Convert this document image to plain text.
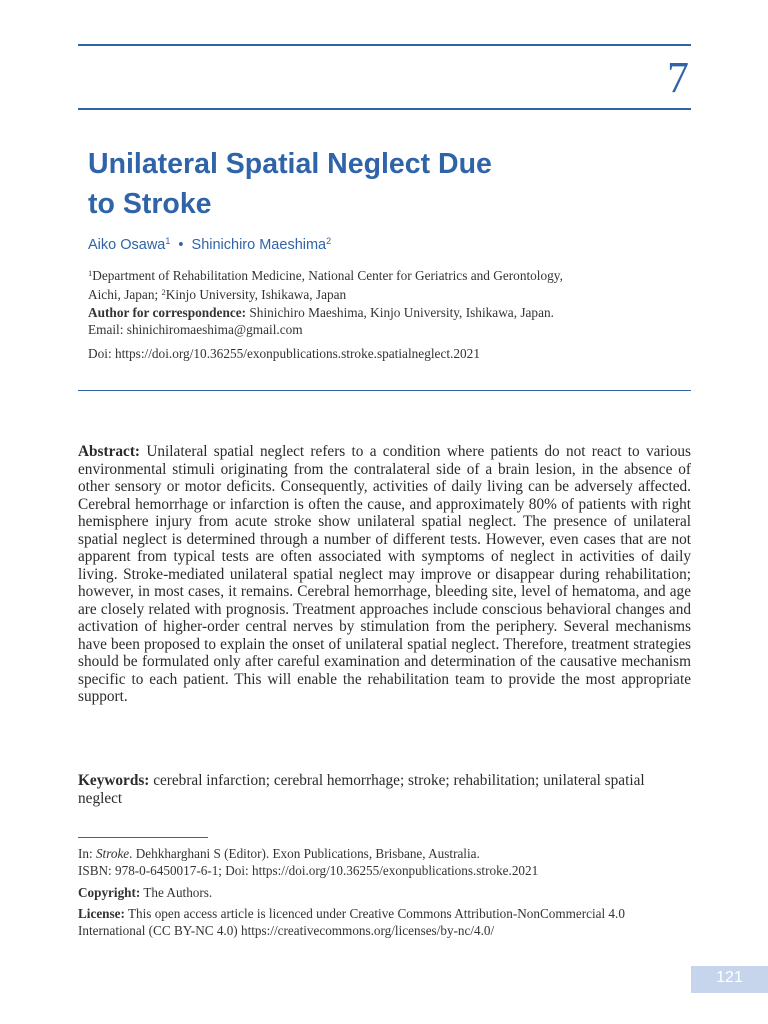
7
Unilateral Spatial Neglect Due
to Stroke
Aiko Osawa$^1$ • Shinichiro Maeshima$^2$
$^1$Department of Rehabilitation Medicine, National Center for Geriatrics and Gerontology,
Aichi, Japan; $^2$Kinjo University, Ishikawa, Japan
Author for correspondence: Shinichiro Maeshima, Kinjo University, Ishikawa, Japan.
Email: shinichiromaeshima@gmail.com
Doi: https://doi.org/10.36255/exonpublications.stroke.spatialneglect.2021
Abstract: Unilateral spatial neglect refers to a condition where patients do not react to various environmental stimuli originating from the contralateral side of a brain lesion, in the absence of other sensory or motor deficits. Consequently, activities of daily living can be adversely affected. Cerebral hemorrhage or infarction is often the cause, and approximately 80% of patients with right hemisphere injury from acute stroke show unilateral spatial neglect. The presence of unilateral spatial neglect is determined through a number of different tests. However, even cases that are not apparent from typical tests are often associated with symptoms of neglect in activities of daily living. Stroke-mediated unilateral spatial neglect may improve or disappear during rehabilitation; however, in most cases, it remains. Cerebral hemorrhage, bleeding site, level of hematoma, and age are closely related with prognosis. Treatment approaches include conscious behavioral changes and activation of higher-order central nerves by stimulation from the periphery. Several mechanisms have been proposed to explain the onset of unilateral spatial neglect. Therefore, treatment strategies should be formulated only after careful examination and determination of the causative mechanism specific to each patient. This will enable the rehabilitation team to provide the most appropriate support.
Keywords: cerebral infarction; cerebral hemorrhage; stroke; rehabilitation; unilateral spatial neglect
In: Stroke. Dehkharghani S (Editor). Exon Publications, Brisbane, Australia.
ISBN: 978-0-6450017-6-1; Doi: https://doi.org/10.36255/exonpublications.stroke.2021
Copyright: The Authors.
License: This open access article is licenced under Creative Commons Attribution-NonCommercial 4.0 International (CC BY-NC 4.0) https://creativecommons.org/licenses/by-nc/4.0/
121
